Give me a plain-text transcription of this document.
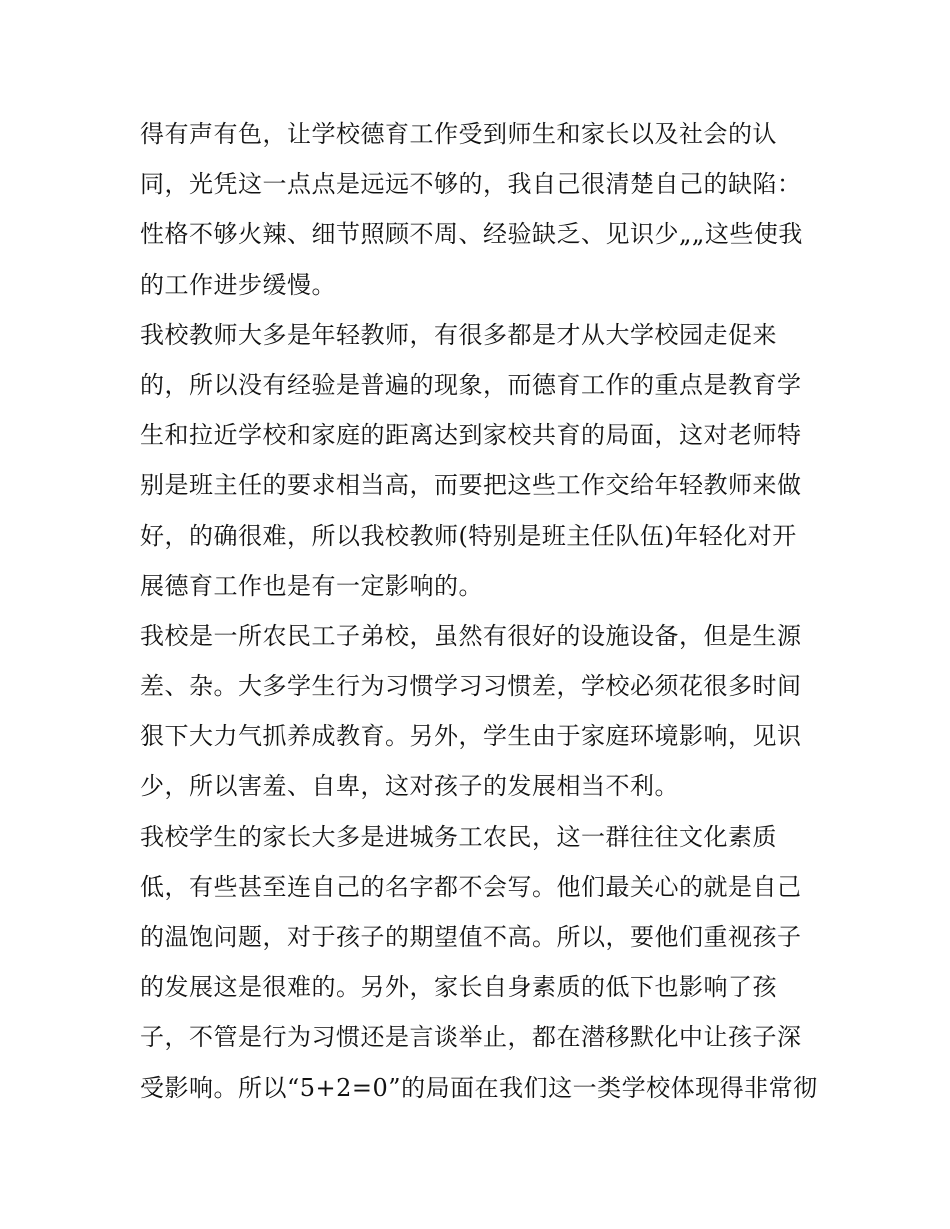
得有声有色，让学校德育工作受到师生和家长以及社会的认
同，光凭这一点点是远远不够的，我自己很清楚自己的缺陷：
性格不够火辣、细节照顾不周、经验缺乏、见识少„„这些使我
的工作进步缓慢。
我校教师大多是年轻教师，有很多都是才从大学校园走促来
的，所以没有经验是普遍的现象，而德育工作的重点是教育学
生和拉近学校和家庭的距离达到家校共育的局面，这对老师特
别是班主任的要求相当高，而要把这些工作交给年轻教师来做
好，的确很难，所以我校教师(特别是班主任队伍)年轻化对开
展德育工作也是有一定影响的。
我校是一所农民工子弟校，虽然有很好的设施设备，但是生源
差、杂。大多学生行为习惯学习习惯差，学校必须花很多时间
狠下大力气抓养成教育。另外，学生由于家庭环境影响，见识
少，所以害羞、自卑，这对孩子的发展相当不利。
我校学生的家长大多是进城务工农民，这一群往往文化素质
低，有些甚至连自己的名字都不会写。他们最关心的就是自己
的温饱问题，对于孩子的期望值不高。所以，要他们重视孩子
的发展这是很难的。另外，家长自身素质的低下也影响了孩
子，不管是行为习惯还是言谈举止，都在潜移默化中让孩子深
受影响。所以“5+2=0”的局面在我们这一类学校体现得非常彻
